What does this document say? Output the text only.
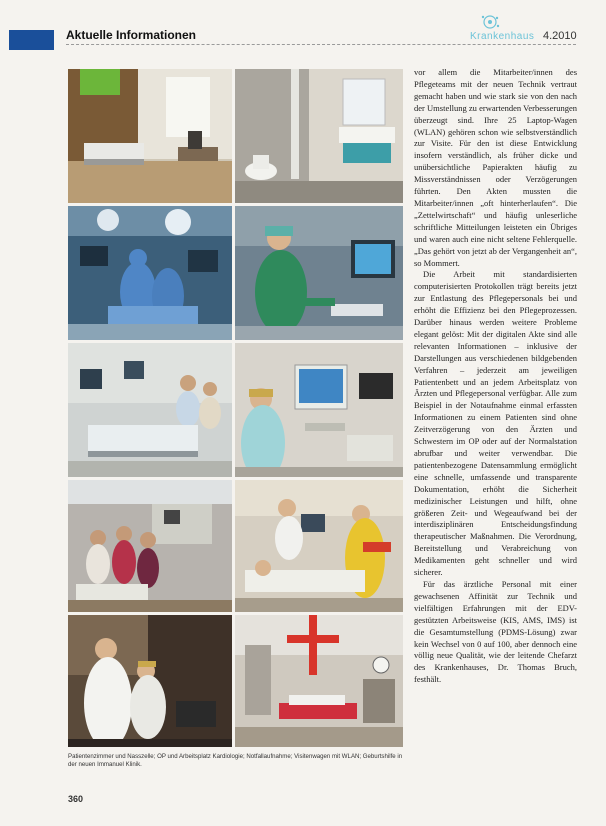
Aktuelle Informationen	Krankenhaus 4.2010
Patientenzimmer und Nasszelle; OP und Arbeitsplatz Kardiologie; Notfallaufnahme; Visitenwagen mit WLAN; Geburtshilfe in der neuen Immanuel Klinik.

vor allem die Mitarbeiter/innen des Pflegeteams mit der neuen Technik vertraut gemacht haben und wie stark sie von den nach der Umstellung zu erwartenden Verbesserungen überzeugt sind. Ihre 25 Laptop-Wagen (WLAN) gehören schon wie selbstverständlich zur Visite. Für den ist diese Entwicklung insofern verständlich, als früher dicke und unübersichtliche Papierakten häufig zu Missverständnissen oder Verzögerungen führten. Den Akten mussten die Mitarbeiter/innen „oft hinterherlaufen“. Die „Zettelwirtschaft“ und häufig unleserliche schriftliche Mitteilungen leisteten ein Übriges und waren auch eine nicht seltene Fehlerquelle. „Das gehört von jetzt ab der Vergangenheit an“, so Mommert.

Die Arbeit mit standardisierten computerisierten Protokollen trägt bereits jetzt zur Entlastung des Pflegepersonals bei und erhöht die Effizienz bei den Pflegeprozessen. Darüber hinaus werden weitere Probleme elegant gelöst: Mit der digitalen Akte sind alle relevanten Informationen – inklusive der Darstellungen aus verschiedenen bildgebenden Verfahren – jederzeit am jeweiligen Patientenbett und an jedem Arbeitsplatz von Ärzten und Pflegepersonal verfügbar. Alle zum Beispiel in der Notaufnahme einmal erfassten Informationen zu einem Patienten sind ohne Zeitverzögerung von den Ärzten und Schwestern im OP oder auf der Normalstation abrufbar und weiter verwendbar. Die patientenbezogene Datensammlung ermöglicht eine schnelle, umfassende und transparente Dokumentation, erhöht die Sicherheit medizinischer Leistungen und hilft, ohne größeren Zeit- und Wegeaufwand bei der interdisziplinären Entscheidungsfindung therapeutischer Maßnahmen. Die Verordnung, Bereitstellung und Verabreichung von Medikamenten geht schneller und wird sicherer.

Für das ärztliche Personal mit einer gewachsenen Affinität zur Technik und vielfältigen Erfahrungen mit der EDV-gestützten Arbeitsweise (KIS, AMS, IMS) ist die Gesamtumstellung (PDMS-Lösung) zwar kein Wechsel von 0 auf 100, aber dennoch eine völlig neue Qualität, wie der leitende Chefarzt des Krankenhauses, Dr. Thomas Bruch, festhält.

360
